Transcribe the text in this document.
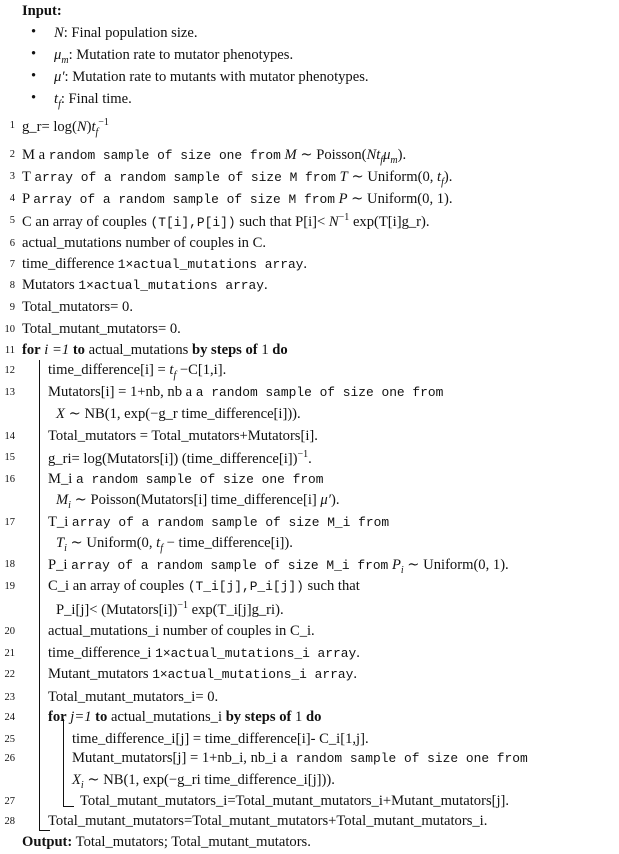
Input:
• N: Final population size.
• $\mu_m$: Mutation rate to mutator phenotypes.
• μ′: Mutation rate to mutants with mutator phenotypes.
• $t_f$: Final time.
1 g_r= $\log(N)t_f^{-1}$
2 M a random sample of size one from M ∼ $Poisson(Nt_f\mu_m)$.
3 T array of a random sample of size M from T ∼ Uniform(0, $t_f$).
4 P array of a random sample of size M from P ∼ Uniform(0, 1).
5 C an array of couples (T[i],P[i]) such that $P[i]< N^{-1}$ exp(T[i]g_r).
6 actual_mutations number of couples in C.
7 time_difference 1×actual_mutations array.
8 Mutators 1×actual_mutations array.
9 Total_mutators= 0.
10 Total_mutant_mutators= 0.
11 for i =1 to actual_mutations by steps of 1 do
12 time_difference[i] = $t_f -C[1,i]$.
13 Mutators[i] = 1+nb, nb a a random sample of size one from
X ∼ NB(1, exp(−g_r time_difference[i])).
14 Total_mutators = Total_mutators+Mutators[i].
15 g_ri= log(Mutators[i]) (time_difference[i])$^{-1}$.
16 M_i a random sample of size one from
$M_i$ ∼ Poisson(Mutators[i] time_difference[i] μ′).
17 T_i array of a random sample of size M_i from
$T_i$ ∼ Uniform(0, $t_f$ − time_difference[i]).
18 P_i array of a random sample of size M_i from $P_i$ ∼ Uniform(0, 1).
19 C_i an array of couples (T_i[j],P_i[j]) such that
P_i[j]< (Mutators[i])$^{-1}$ exp(T_i[j]g_ri).
20 actual_mutations_i number of couples in C_i.
21 time_difference_i 1×actual_mutations_i array.
22 Mutant_mutators 1×actual_mutations_i array.
23 Total_mutant_mutators_i= 0.
24 for j=1 to actual_mutations_i by steps of 1 do
25	time_difference_i[j] = time_difference[i]- C_i[1,j].
26	Mutant_mutators[j] = 1+nb_i, nb_i a random sample of size one from
$X_i$ ∼ NB(1, exp(−g_ri time_difference_i[j])).
27	Total_mutant_mutators_i=Total_mutant_mutators_i+Mutant_mutators[j].
28 Total_mutant_mutators=Total_mutant_mutators+Total_mutant_mutators_i.
Output: Total_mutators; Total_mutant_mutators.
